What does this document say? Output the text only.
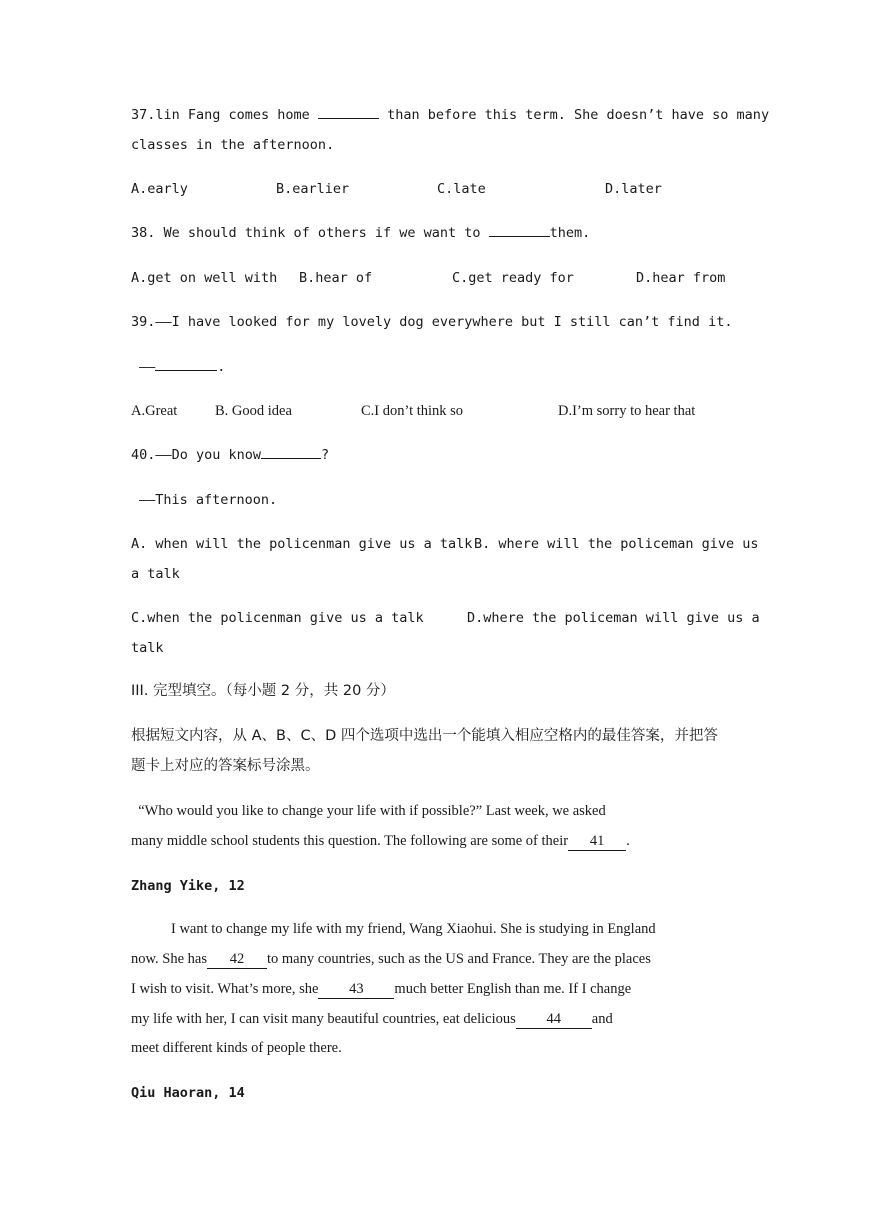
37.lin Fang comes home	than before this term. She doesn’t have so many
classes in the afternoon.
A.early	B.earlier	C.late	D.later
38. We should think of others if we want to	them.
A.get on well with B.hear of	C.get ready for	D.hear from
39.——I have looked for my lovely dog everywhere but I still can’t find it.
——	.
A.Great	B. Good idea	C.I don’t think so	D.I’m sorry to hear that
40.——Do you know	?
——This afternoon.
A. when will the policenman give us a talk B. where will the policeman give us
a talk
C.when the policenman give us a talk	D.where the policeman will give us a
talk
III. 完型填空。（每小题 2 分，共 20 分）
根据短文内容，从 A、B、C、D 四个选项中选出一个能填入相应空格内的最佳答案，并把答
题卡上对应的答案标号涂黑。
“Who would you like to change your life with if possible?” Last week, we asked
many middle school students this question. The following are some of their 41 .
Zhang Yike, 12
I want to change my life with my friend, Wang Xiaohui. She is studying in England
now. She has 42 to many countries, such as the US and France. They are the places
I wish to visit. What’s more, she 43 much better English than me. If I change
my life with her, I can visit many beautiful countries, eat delicious 44 and
meet different kinds of people there.
Qiu Haoran, 14
